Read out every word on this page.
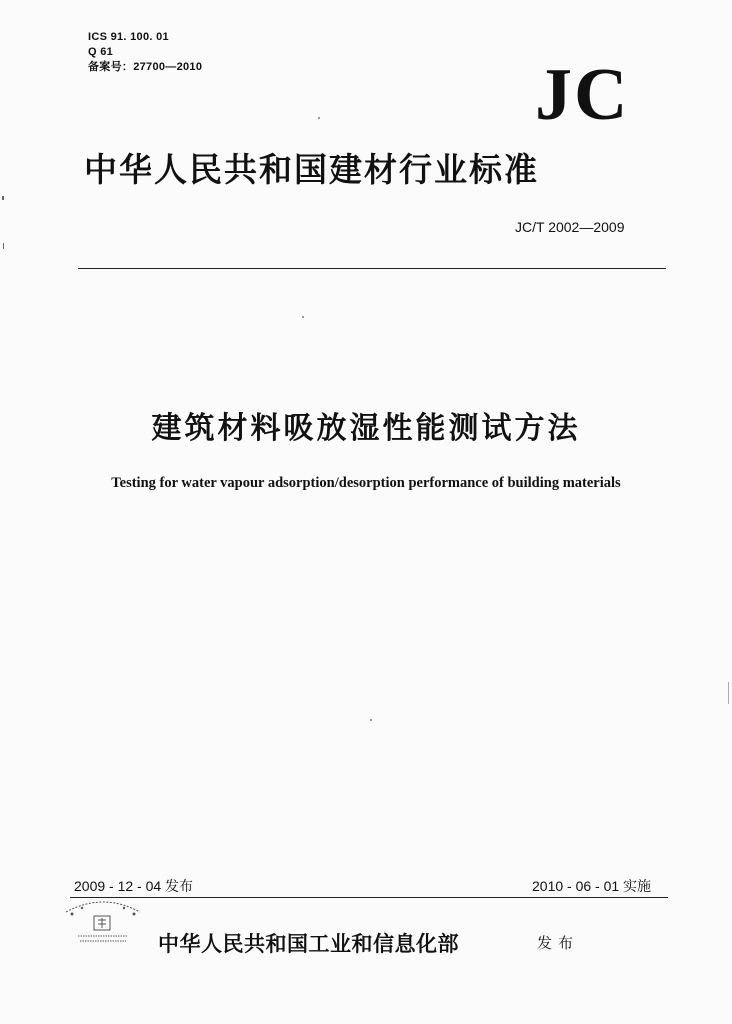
ICS 91. 100. 01
Q 61
备案号：27700—2010	JC
中华人民共和国建材行业标准
JC/T 2002—2009
建筑材料吸放湿性能测试方法
Testing for water vapour adsorption/desorption performance of building materials
2009 - 12 - 04 发布	2010 - 06 - 01 实施
中华人民共和国工业和信息化部	发布
